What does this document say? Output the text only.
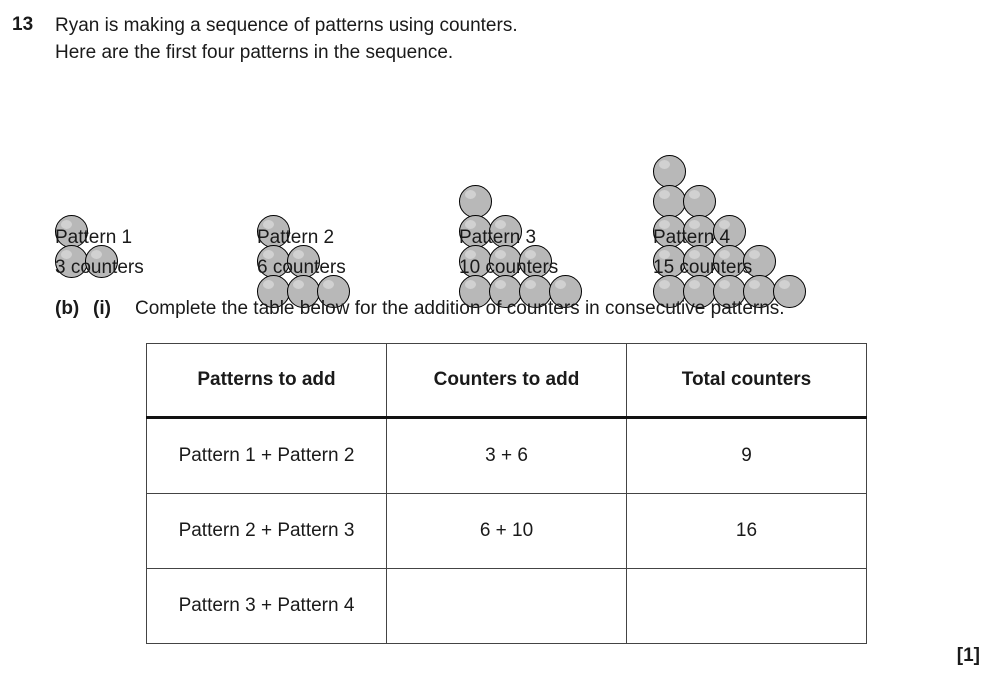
13 Ryan is making a sequence of patterns using counters.
Here are the first four patterns in the sequence.
Pattern 1
3 counters
Pattern 2
6 counters
Pattern 3
10 counters
Pattern 4
15 counters
(b) (i) Complete the table below for the addition of counters in consecutive patterns.
Patterns to add	Counters to add	Total counters
Pattern 1 + Pattern 2	3 + 6	9
Pattern 2 + Pattern 3	6 + 10	16
Pattern 3 + Pattern 4		
[1]
